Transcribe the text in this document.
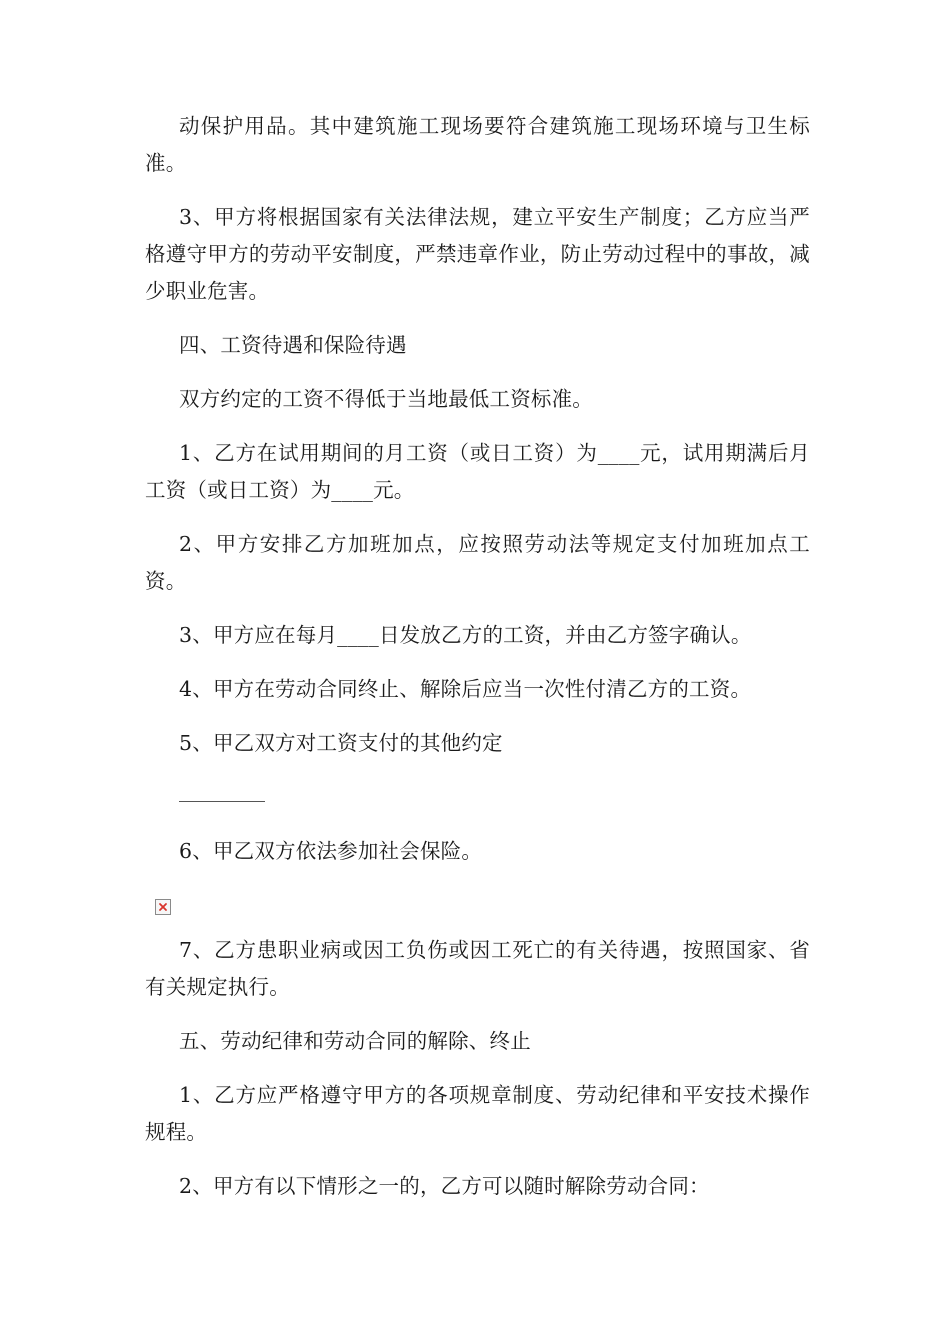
动保护用品。其中建筑施工现场要符合建筑施工现场环境与卫生标准。

3、甲方将根据国家有关法律法规，建立平安生产制度；乙方应当严格遵守甲方的劳动平安制度，严禁违章作业，防止劳动过程中的事故，减少职业危害。

四、工资待遇和保险待遇

双方约定的工资不得低于当地最低工资标准。

1、乙方在试用期间的月工资（或日工资）为____元，试用期满后月工资（或日工资）为____元。

2、甲方安排乙方加班加点，应按照劳动法等规定支付加班加点工资。

3、甲方应在每月____日发放乙方的工资，并由乙方签字确认。

4、甲方在劳动合同终止、解除后应当一次性付清乙方的工资。

5、甲乙双方对工资支付的其他约定

6、甲乙双方依法参加社会保险。

7、乙方患职业病或因工负伤或因工死亡的有关待遇，按照国家、省有关规定执行。

五、劳动纪律和劳动合同的解除、终止

1、乙方应严格遵守甲方的各项规章制度、劳动纪律和平安技术操作规程。

2、甲方有以下情形之一的，乙方可以随时解除劳动合同：
